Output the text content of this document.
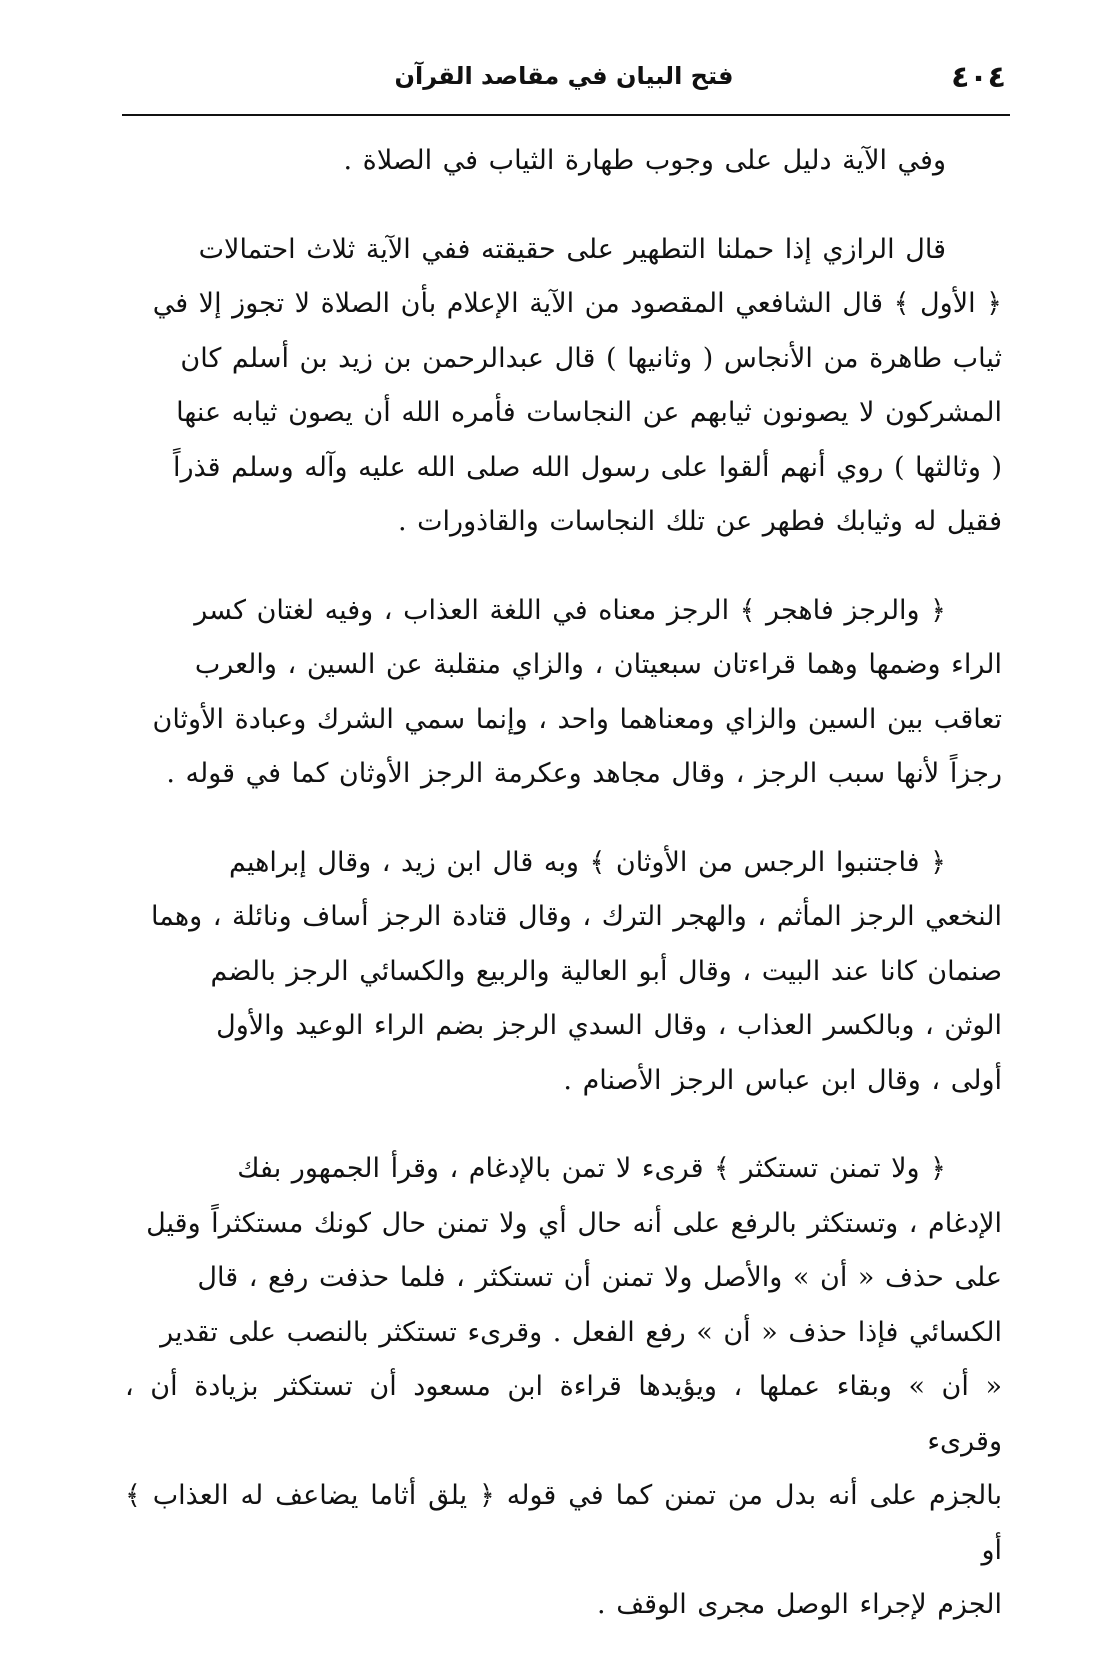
٤٠٤
فتح البيان في مقاصد القرآن

وفي الآية دليل على وجوب طهارة الثياب في الصلاة .

قال الرازي إذا حملنا التطهير على حقيقته ففي الآية ثلاث احتمالات

﴿ الأول ﴾ قال الشافعي المقصود من الآية الإعلام بأن الصلاة لا تجوز إلا في

ثياب طاهرة من الأنجاس ( وثانيها ) قال عبدالرحمن بن زيد بن أسلم كان

المشركون لا يصونون ثيابهم عن النجاسات فأمره الله أن يصون ثيابه عنها

( وثالثها ) روي أنهم ألقوا على رسول الله صلى الله عليه وآله وسلم قذراً

فقيل له وثيابك فطهر عن تلك النجاسات والقاذورات .

﴿ والرجز فاهجر ﴾ الرجز معناه في اللغة العذاب ، وفيه لغتان كسر

الراء وضمها وهما قراءتان سبعيتان ، والزاي منقلبة عن السين ، والعرب

تعاقب بين السين والزاي ومعناهما واحد ، وإنما سمي الشرك وعبادة الأوثان

رجزاً لأنها سبب الرجز ، وقال مجاهد وعكرمة الرجز الأوثان كما في قوله .

﴿ فاجتنبوا الرجس من الأوثان ﴾ وبه قال ابن زيد ، وقال إبراهيم

النخعي الرجز المأثم ، والهجر الترك ، وقال قتادة الرجز أساف ونائلة ، وهما

صنمان كانا عند البيت ، وقال أبو العالية والربيع والكسائي الرجز بالضم

الوثن ، وبالكسر العذاب ، وقال السدي الرجز بضم الراء الوعيد والأول

أولى ، وقال ابن عباس الرجز الأصنام .

﴿ ولا تمنن تستكثر ﴾ قرىء لا تمن بالإدغام ، وقرأ الجمهور بفك

الإدغام ، وتستكثر بالرفع على أنه حال أي ولا تمنن حال كونك مستكثراً وقيل

على حذف « أن » والأصل ولا تمنن أن تستكثر ، فلما حذفت رفع ، قال

الكسائي فإذا حذف « أن » رفع الفعل . وقرىء تستكثر بالنصب على تقدير

« أن » وبقاء عملها ، ويؤيدها قراءة ابن مسعود أن تستكثر بزيادة أن ، وقرىء

بالجزم على أنه بدل من تمنن كما في قوله ﴿ يلق أثاما يضاعف له العذاب ﴾ أو

الجزم لإجراء الوصل مجرى الوقف .
